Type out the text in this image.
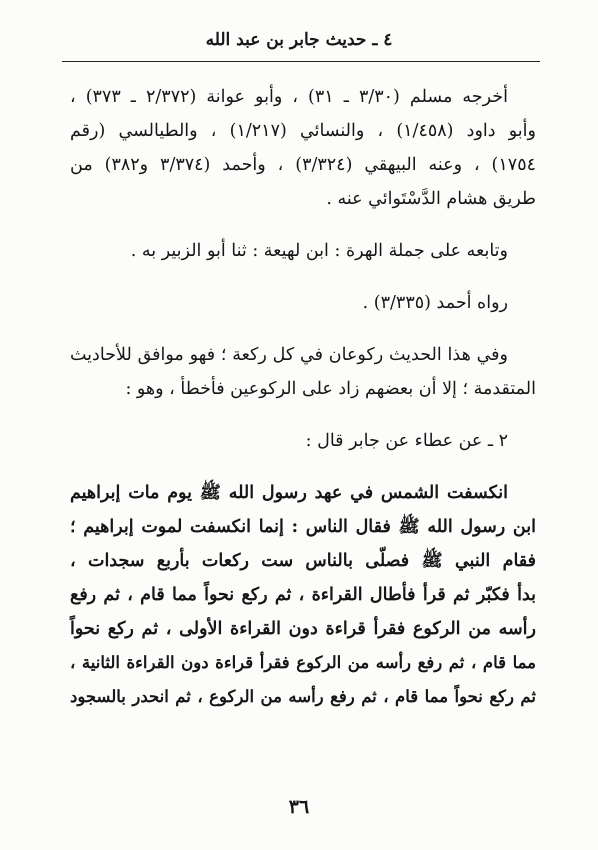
٤ ـ حديث جابر بن عبد الله
أخرجه مسلم (٣/٣٠ ـ ٣١) ، وأبو عوانة (٢/٣٧٢ ـ ٣٧٣) ،
وأبو داود (١/٤٥٨) ، والنسائي (١/٢١٧) ، والطيالسي (رقم
١٧٥٤) ، وعنه البيهقي (٣/٣٢٤) ، وأحمد (٣/٣٧٤ و٣٨٢) من
طريق هشام الدَّسْتَوائي عنه .
وتابعه على جملة الهرة : ابن لهيعة : ثنا أبو الزبير به .
رواه أحمد (٣/٣٣٥) .
وفي هذا الحديث ركوعان في كل ركعة ؛ فهو موافق للأحاديث
المتقدمة ؛ إلا أن بعضهم زاد على الركوعين فأخطأ ، وهو :
٢ ـ عن عطاء عن جابر قال :
انكسفت الشمس في عهد رسول الله ﷺ يوم مات إبراهيم
ابن رسول الله ﷺ فقال الناس : إنما انكسفت لموت إبراهيم ؛
فقام النبي ﷺ فصلّى بالناس ست ركعات بأربع سجدات ،
بدأ فكبّر ثم قرأ فأطال القراءة ، ثم ركع نحواً مما قام ، ثم رفع
رأسه من الركوع فقرأ قراءة دون القراءة الأولى ، ثم ركع نحواً
مما قام ، ثم رفع رأسه من الركوع فقرأ قراءة دون القراءة الثانية ،
ثم ركع نحواً مما قام ، ثم رفع رأسه من الركوع ، ثم انحدر بالسجود
٣٦
